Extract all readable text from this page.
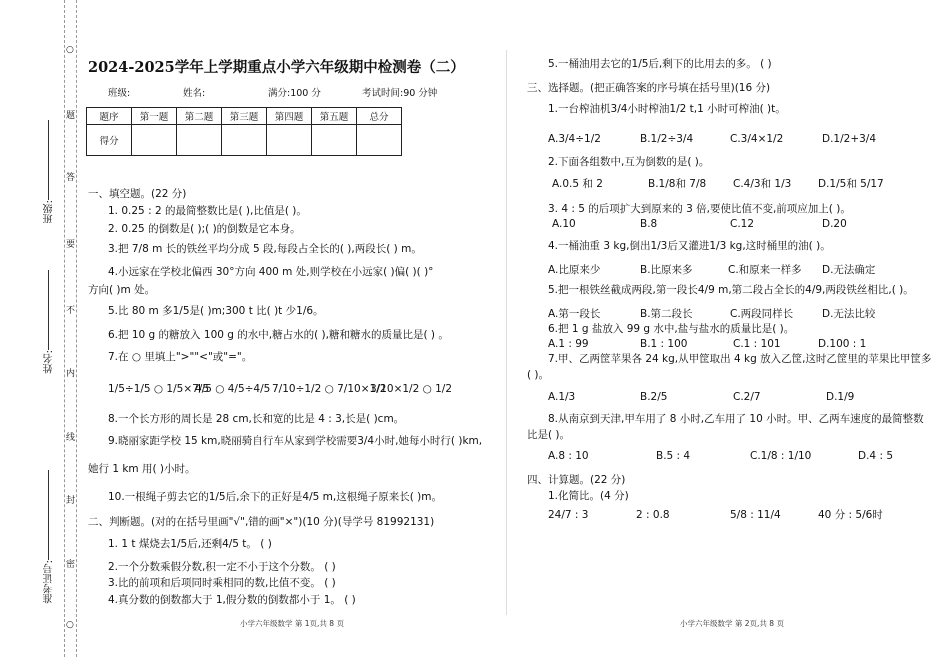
班级:
姓名:
准考证号:
○
题
答
要
不
内
线
封
密
○
2024-2025学年上学期重点小学六年级期中检测卷（二）
班级:	姓名:	满分:100 分	考试时间:90 分钟
题序	第一题	第二题	第三题	第四题	第五题	总分
得分						
一、填空题。(22 分)
1. 0.25 : 2 的最简整数比是( ),比值是( )。
2. 0.25 的倒数是( );( )的倒数是它本身。
3.把 7/8 m 长的铁丝平均分成 5 段,每段占全长的( ),两段长( ) m。
4.小远家在学校北偏西 30°方向 400 m 处,则学校在小远家( )偏( )( )°
方向( )m 处。
5.比 80 m 多1/5是( )m;300 t 比( )t 少1/6。
6.把 10 g 的糖放入 100 g 的水中,糖占水的( ),糖和糖水的质量比是( ) 。
7.在 ○ 里填上">""<"或"="。
1/5÷1/5 ○ 1/5×7/5
4/5 ○ 4/5÷4/5 7/10÷1/2 ○ 7/10×1/2
3/10×1/2 ○ 1/2
8.一个长方形的周长是 28 cm,长和宽的比是 4 : 3,长是( )cm。
9.晓丽家距学校 15 km,晓丽骑自行车从家到学校需要3/4小时,她每小时行( )km,
她行 1 km 用( )小时。
10.一根绳子剪去它的1/5后,余下的正好是4/5 m,这根绳子原来长( )m。
二、判断题。(对的在括号里画"√",错的画"×")(10 分)(导学号 81992131)
1. 1 t 煤烧去1/5后,还剩4/5 t。 ( )
2.一个分数乘假分数,积一定不小于这个分数。 ( )
3.比的前项和后项同时乘相同的数,比值不变。 ( )
4.真分数的倒数都大于 1,假分数的倒数都小于 1。 ( )
小学六年级数学 第 1页,共 8 页
5.一桶油用去它的1/5后,剩下的比用去的多。 ( )
三、选择题。(把正确答案的序号填在括号里)(16 分)
1.一台榨油机3/4小时榨油1/2 t,1 小时可榨油( )t。
A.3/4÷1/2	B.1/2÷3/4	C.3/4×1/2	D.1/2+3/4
2.下面各组数中,互为倒数的是( )。
A.0.5 和 2	B.1/8和 7/8	C.4/3和 1/3	D.1/5和 5/17
3. 4 : 5 的后项扩大到原来的 3 倍,要使比值不变,前项应加上( )。
A.10	B.8	C.12	D.20
4.一桶油重 3 kg,倒出1/3后又灌进1/3 kg,这时桶里的油( )。
A.比原来少	B.比原来多	C.和原来一样多 D.无法确定
5.把一根铁丝截成两段,第一段长4/9 m,第二段占全长的4/9,两段铁丝相比,( )。
A.第一段长	B.第二段长	C.两段同样长	D.无法比较
6.把 1 g 盐放入 99 g 水中,盐与盐水的质量比是( )。
A.1 : 99	B.1 : 100	C.1 : 101	D.100 : 1
7.甲、乙两筐苹果各 24 kg,从甲筐取出 4 kg 放入乙筐,这时乙筐里的苹果比甲筐多
( )。
A.1/3	B.2/5	C.2/7	D.1/9
8.从南京到天津,甲车用了 8 小时,乙车用了 10 小时。甲、乙两车速度的最简整数
比是( )。
A.8 : 10	B.5 : 4	C.1/8 : 1/10	D.4 : 5
四、计算题。(22 分)
1.化简比。(4 分)
24/7 : 3	2 : 0.8	5/8 : 11/4	40 分 : 5/6时
小学六年级数学 第 2页,共 8 页
